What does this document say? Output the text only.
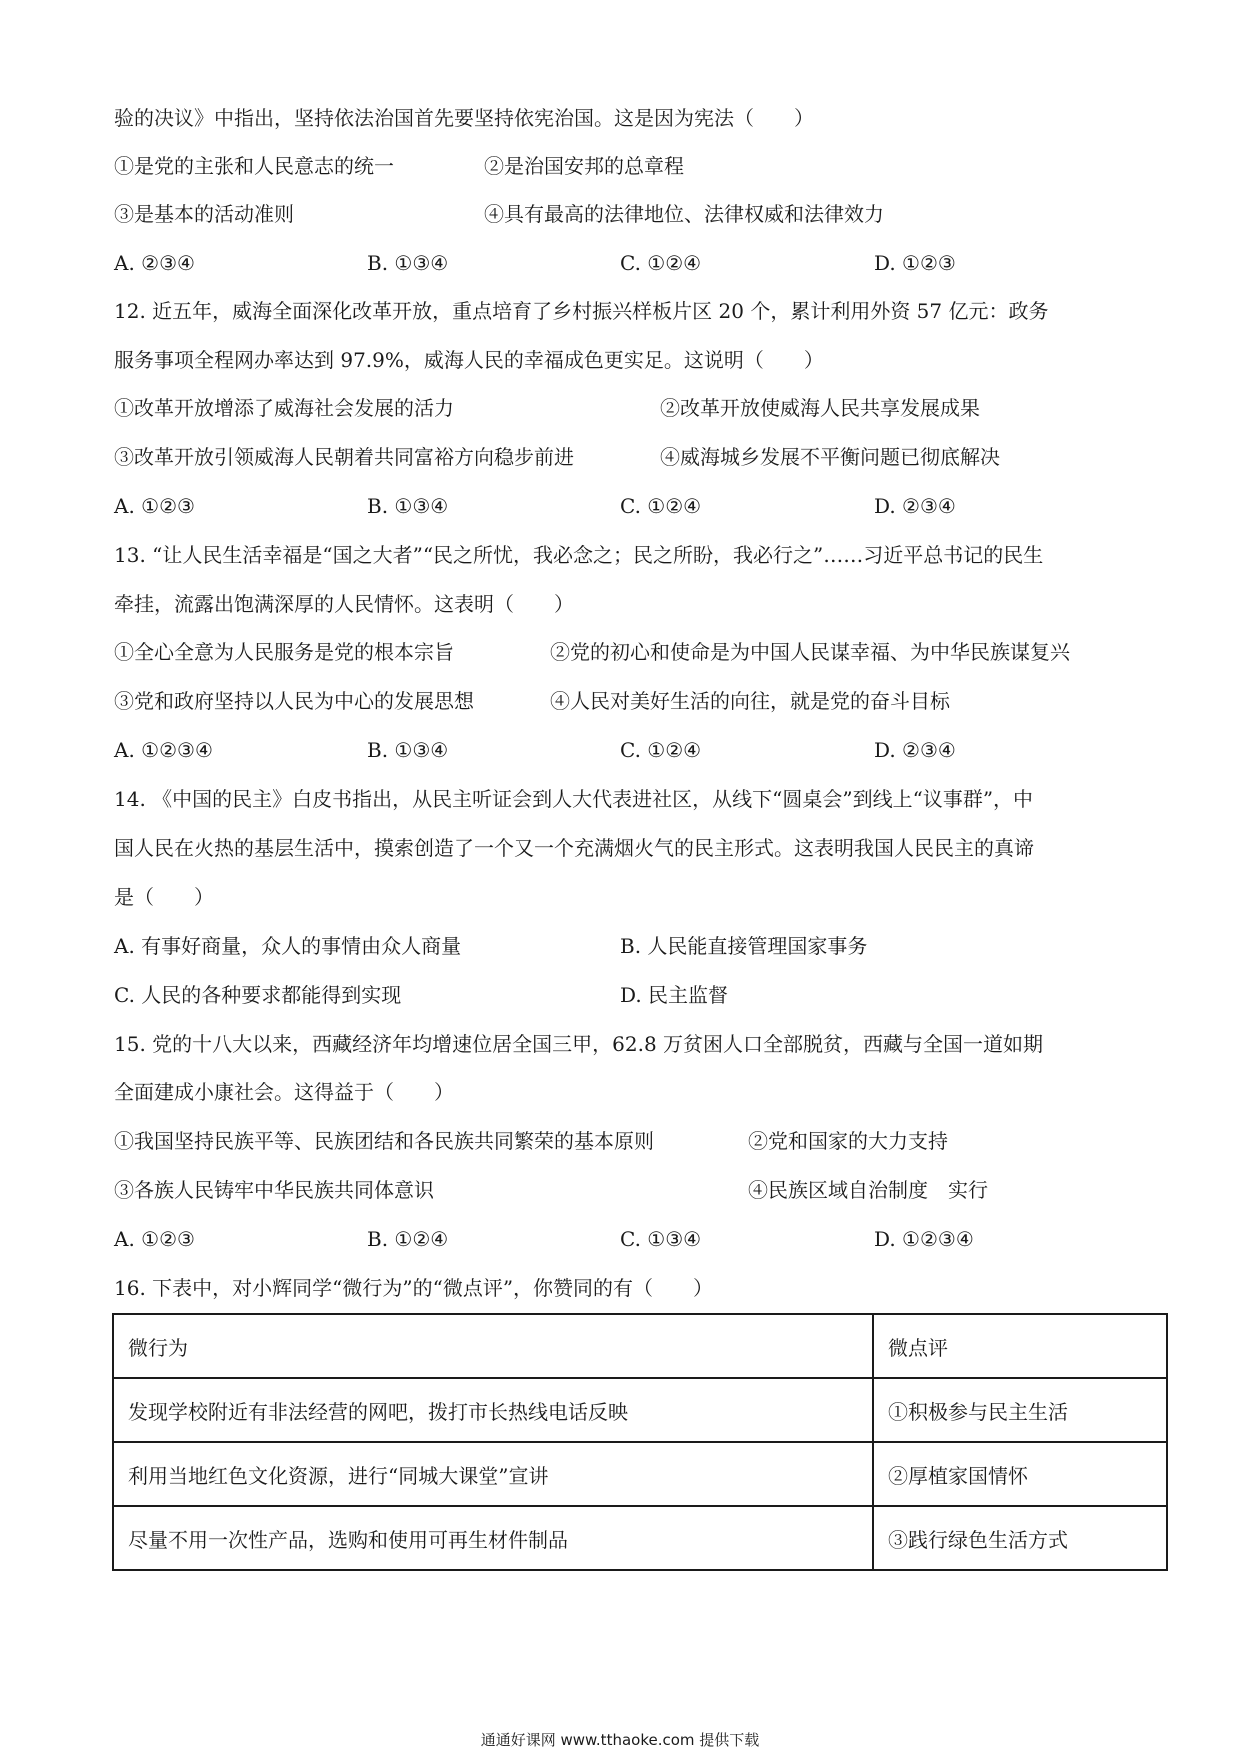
验的决议》中指出，坚持依法治国首先要坚持依宪治国。这是因为宪法（　　）
①是党的主张和人民意志的统一	②是治国安邦的总章程
③是基本的活动准则	④具有最高的法律地位、法律权威和法律效力
A. ②③④	B. ①③④	C. ①②④	D. ①②③
12. 近五年，威海全面深化改革开放，重点培育了乡村振兴样板片区 20 个，累计利用外资 57 亿元：政务
服务事项全程网办率达到 97.9%，威海人民的幸福成色更实足。这说明（　　）
①改革开放增添了威海社会发展的活力	②改革开放使威海人民共享发展成果
③改革开放引领威海人民朝着共同富裕方向稳步前进	④威海城乡发展不平衡问题已彻底解决
A. ①②③	B. ①③④	C. ①②④	D. ②③④
13. “让人民生活幸福是“国之大者”“民之所忧，我必念之；民之所盼，我必行之”……习近平总书记的民生
牵挂，流露出饱满深厚的人民情怀。这表明（　　）
①全心全意为人民服务是党的根本宗旨	②党的初心和使命是为中国人民谋幸福、为中华民族谋复兴
③党和政府坚持以人民为中心的发展思想	④人民对美好生活的向往，就是党的奋斗目标
A. ①②③④	B. ①③④	C. ①②④	D. ②③④
14. 《中国的民主》白皮书指出，从民主听证会到人大代表进社区，从线下“圆桌会”到线上“议事群”，中
国人民在火热的基层生活中，摸索创造了一个又一个充满烟火气的民主形式。这表明我国人民民主的真谛
是（　　）
A. 有事好商量，众人的事情由众人商量	B. 人民能直接管理国家事务
C. 人民的各种要求都能得到实现	D. 民主监督
15. 党的十八大以来，西藏经济年均增速位居全国三甲，62.8 万贫困人口全部脱贫，西藏与全国一道如期
全面建成小康社会。这得益于（　　）
①我国坚持民族平等、民族团结和各民族共同繁荣的基本原则	②党和国家的大力支持
③各族人民铸牢中华民族共同体意识	④民族区域自治制度　实行
A. ①②③	B. ①②④	C. ①③④	D. ①②③④
16. 下表中，对小辉同学“微行为”的“微点评”，你赞同的有（　　）
微行为	微点评
发现学校附近有非法经营的网吧，拨打市长热线电话反映	①积极参与民主生活
利用当地红色文化资源，进行“同城大课堂”宣讲	②厚植家国情怀
尽量不用一次性产品，选购和使用可再生材件制品	③践行绿色生活方式
通通好课网 www.tthaoke.com 提供下载
